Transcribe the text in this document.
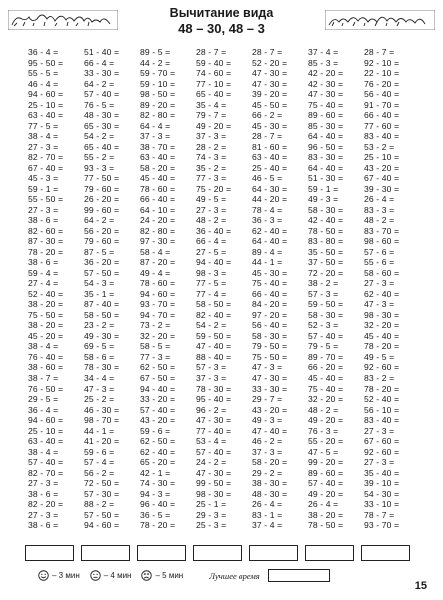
Вычитание вида
48 – 30, 48 – 3
36 - 4 =
95 - 50 =
55 - 5 =
46 - 4 =
94 - 60 =
25 - 10 =
63 - 40 =
77 - 5 =
38 - 4 =
27 - 3 =
82 - 70 =
67 - 40 =
45 - 3 =
59 - 1 =
55 - 50 =
27 - 3 =
38 - 6 =
82 - 60 =
87 - 30 =
78 - 20 =
38 - 6 =
59 - 4 =
27 - 4 =
52 - 40 =
38 - 20 =
75 - 50 =
38 - 20 =
45 - 20 =
38 - 4 =
76 - 40 =
38 - 60 =
38 - 7 =
76 - 50 =
29 - 5 =
36 - 4 =
94 - 60 =
25 - 10 =
63 - 40 =
38 - 4 =
57 - 40 =
82 - 70 =
27 - 3 =
38 - 6 =
82 - 20 =
27 - 3 =
38 - 6 =
51 - 40 =
66 - 4 =
33 - 30 =
64 - 2 =
57 - 40 =
76 - 5 =
48 - 30 =
65 - 30 =
54 - 2 =
65 - 40 =
55 - 2 =
93 - 3 =
77 - 50 =
79 - 60 =
26 - 20 =
99 - 60 =
64 - 2 =
56 - 20 =
79 - 60 =
87 - 5 =
36 - 20 =
57 - 50 =
54 - 3 =
35 - 1 =
87 - 40 =
58 - 50 =
23 - 2 =
49 - 30 =
69 - 5 =
58 - 6 =
78 - 30 =
34 - 4 =
47 - 3 =
25 - 2 =
46 - 30 =
98 - 70 =
44 - 1 =
41 - 20 =
59 - 6 =
57 - 4 =
56 - 2 =
72 - 50 =
57 - 30 =
88 - 2 =
57 - 50 =
94 - 60 =
89 - 5 =
44 - 2 =
59 - 70 =
59 - 10 =
98 - 50 =
89 - 20 =
82 - 80 =
64 - 4 =
37 - 3 =
38 - 70 =
63 - 40 =
58 - 20 =
45 - 40 =
78 - 60 =
66 - 40 =
64 - 10 =
24 - 20 =
82 - 80 =
97 - 30 =
58 - 4 =
87 - 20 =
49 - 4 =
78 - 60 =
94 - 60 =
93 - 70 =
94 - 70 =
73 - 2 =
32 - 20 =
58 - 5 =
77 - 3 =
62 - 50 =
67 - 50 =
94 - 40 =
33 - 20 =
57 - 40 =
43 - 20 =
59 - 6 =
62 - 50 =
62 - 40 =
65 - 20 =
42 - 1 =
74 - 30 =
94 - 3 =
96 - 40 =
36 - 5 =
78 - 20 =
28 - 7 =
59 - 40 =
74 - 60 =
77 - 10 =
65 - 40 =
35 - 4 =
79 - 7 =
49 - 20 =
37 - 3 =
28 - 2 =
74 - 3 =
35 - 2 =
77 - 3 =
75 - 20 =
49 - 5 =
27 - 3 =
48 - 2 =
36 - 40 =
66 - 4 =
27 - 5 =
94 - 40 =
98 - 3 =
77 - 5 =
77 - 4 =
58 - 50 =
82 - 40 =
54 - 2 =
59 - 50 =
47 - 40 =
88 - 40 =
57 - 3 =
37 - 3 =
78 - 30 =
95 - 40 =
96 - 2 =
47 - 30 =
77 - 40 =
53 - 4 =
57 - 40 =
24 - 2 =
47 - 30 =
99 - 50 =
98 - 30 =
25 - 1 =
29 - 3 =
25 - 3 =
28 - 7 =
52 - 20 =
47 - 30 =
47 - 30 =
39 - 20 =
45 - 50 =
66 - 2 =
45 - 30 =
28 - 7 =
81 - 60 =
63 - 40 =
25 - 40 =
46 - 5 =
64 - 30 =
44 - 20 =
78 - 4 =
36 - 3 =
62 - 40 =
64 - 40 =
89 - 4 =
44 - 1 =
45 - 30 =
75 - 40 =
66 - 40 =
84 - 20 =
97 - 20 =
56 - 40 =
58 - 30 =
79 - 50 =
75 - 50 =
47 - 3 =
47 - 30 =
33 - 30 =
29 - 7 =
43 - 20 =
49 - 3 =
47 - 40 =
46 - 2 =
37 - 3 =
58 - 20 =
29 - 2 =
38 - 30 =
48 - 30 =
26 - 4 =
83 - 1 =
37 - 4 =
37 - 4 =
85 - 3 =
42 - 20 =
42 - 30 =
47 - 30 =
75 - 40 =
89 - 60 =
85 - 30 =
64 - 40 =
96 - 50 =
83 - 30 =
64 - 40 =
51 - 30 =
59 - 1 =
49 - 3 =
58 - 30 =
42 - 40 =
78 - 50 =
83 - 80 =
35 - 50 =
37 - 50 =
72 - 20 =
38 - 2 =
57 - 3 =
59 - 50 =
58 - 30 =
52 - 3 =
57 - 40 =
79 - 5 =
89 - 70 =
66 - 20 =
45 - 40 =
75 - 40 =
32 - 20 =
48 - 2 =
49 - 20 =
76 - 3 =
55 - 20 =
47 - 5 =
99 - 20 =
89 - 60 =
57 - 40 =
49 - 20 =
26 - 4 =
38 - 20 =
78 - 50 =
28 - 7 =
92 - 10 =
22 - 10 =
76 - 20 =
56 - 40 =
91 - 70 =
66 - 40 =
77 - 60 =
83 - 40 =
53 - 2 =
25 - 10 =
43 - 20 =
67 - 40 =
39 - 30 =
26 - 4 =
83 - 3 =
48 - 2 =
83 - 70 =
98 - 60 =
57 - 6 =
55 - 6 =
58 - 60 =
27 - 3 =
62 - 40 =
47 - 3 =
98 - 30 =
32 - 20 =
45 - 40 =
78 - 20 =
49 - 5 =
92 - 60 =
83 - 2 =
78 - 20 =
52 - 40 =
56 - 10 =
83 - 40 =
27 - 3 =
67 - 60 =
92 - 60 =
27 - 3 =
35 - 40 =
39 - 10 =
54 - 30 =
33 - 10 =
78 - 7 =
93 - 70 =
– 3 мин	– 4 мин	– 5 мин	Лучшее время
15
